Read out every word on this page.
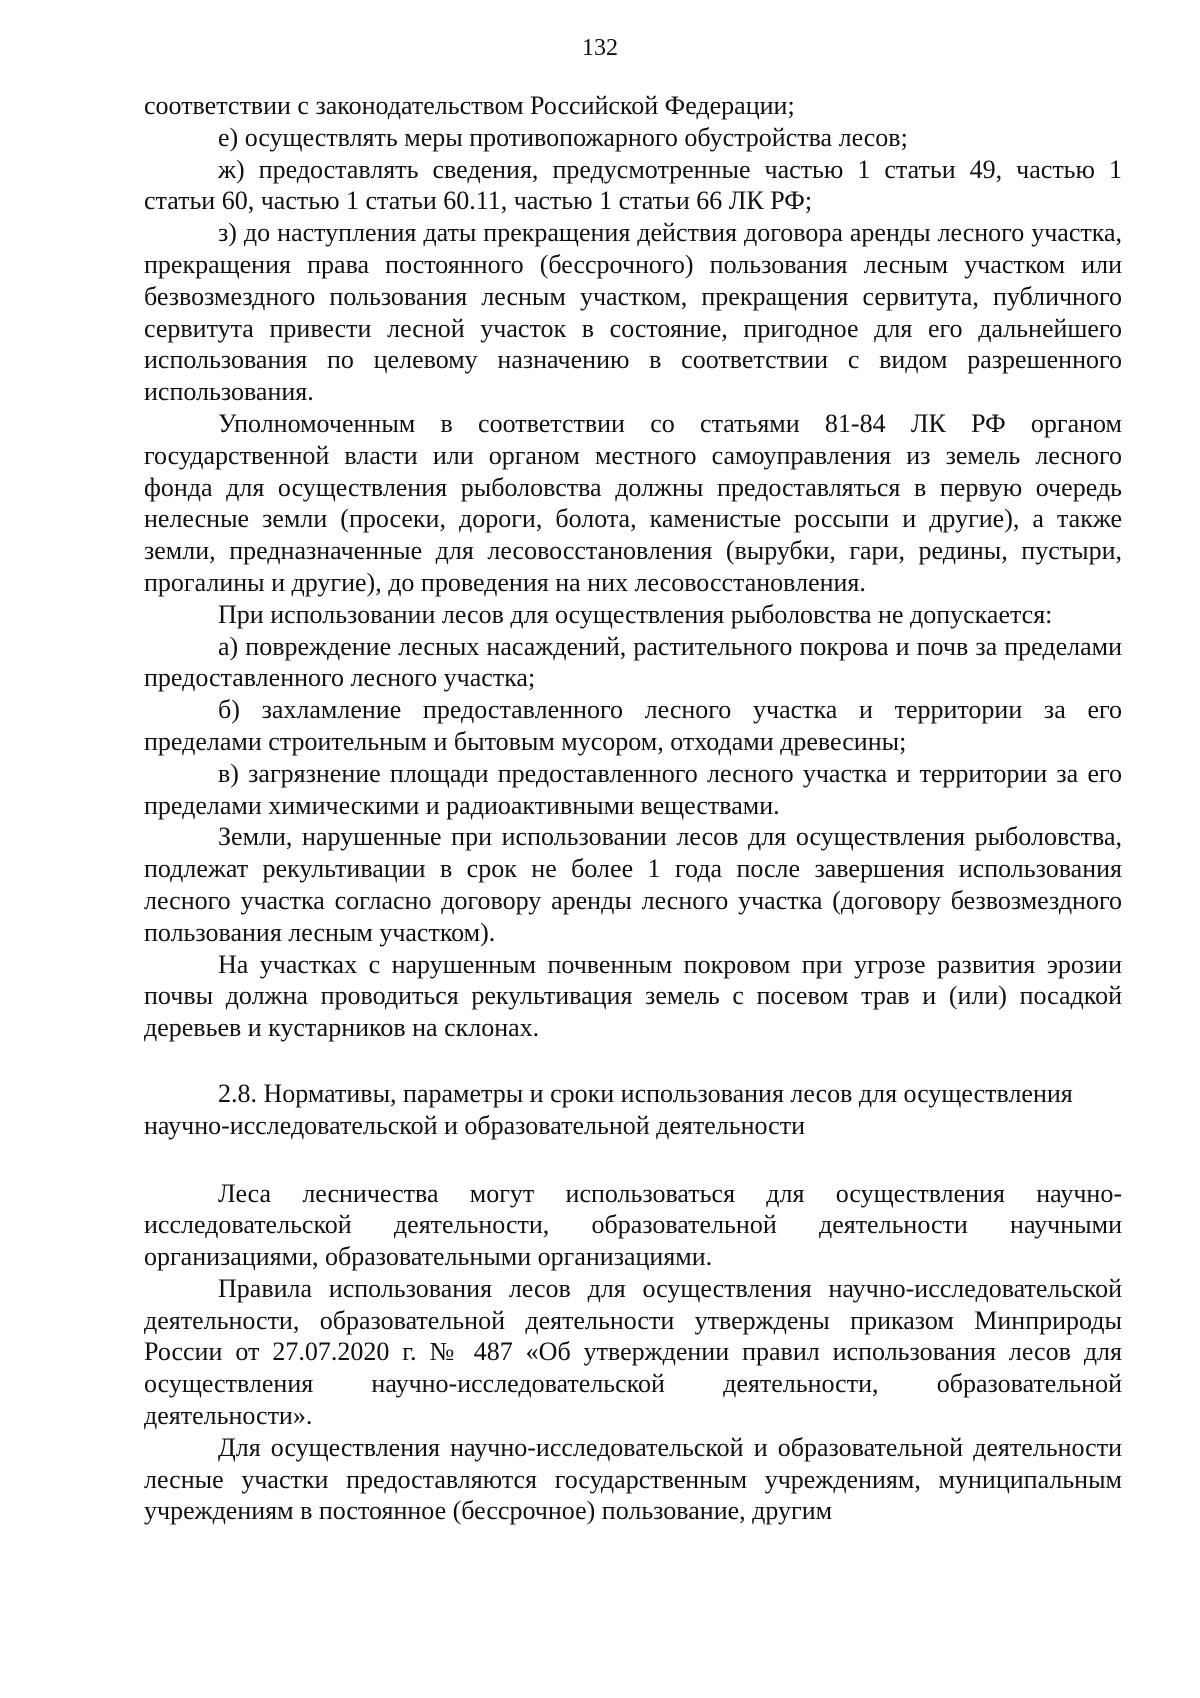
132

соответствии с законодательством Российской Федерации;

е) осуществлять меры противопожарного обустройства лесов;

ж) предоставлять сведения, предусмотренные частью 1 статьи 49, частью 1 статьи 60, частью 1 статьи 60.11, частью 1 статьи 66 ЛК РФ;

з) до наступления даты прекращения действия договора аренды лесного участка, прекращения права постоянного (бессрочного) пользования лесным участком или безвозмездного пользования лесным участком, прекращения сервитута, публичного сервитута привести лесной участок в состояние, пригодное для его дальнейшего использования по целевому назначению в соответствии с видом разрешенного использования.

Уполномоченным в соответствии со статьями 81-84 ЛК РФ органом государственной власти или органом местного самоуправления из земель лесного фонда для осуществления рыболовства должны предоставляться в первую очередь нелесные земли (просеки, дороги, болота, каменистые россыпи и другие), а также земли, предназначенные для лесовосстановления (вырубки, гари, редины, пустыри, прогалины и другие), до проведения на них лесовосстановления.

При использовании лесов для осуществления рыболовства не допускается:

а) повреждение лесных насаждений, растительного покрова и почв за пределами предоставленного лесного участка;

б) захламление предоставленного лесного участка и территории за его пределами строительным и бытовым мусором, отходами древесины;

в) загрязнение площади предоставленного лесного участка и территории за его пределами химическими и радиоактивными веществами.

Земли, нарушенные при использовании лесов для осуществления рыболовства, подлежат рекультивации в срок не более 1 года после завершения использования лесного участка согласно договору аренды лесного участка (договору безвозмездного пользования лесным участком).

На участках с нарушенным почвенным покровом при угрозе развития эрозии почвы должна проводиться рекультивация земель с посевом трав и (или) посадкой деревьев и кустарников на склонах.

2.8. Нормативы, параметры и сроки использования лесов для осуществления научно-исследовательской и образовательной деятельности

Леса лесничества могут использоваться для осуществления научно-исследовательской деятельности, образовательной деятельности научными организациями, образовательными организациями.

Правила использования лесов для осуществления научно-исследовательской деятельности, образовательной деятельности утверждены приказом Минприроды России от 27.07.2020 г. № 487 «Об утверждении правил использования лесов для осуществления научно-исследовательской деятельности, образовательной деятельности».

Для осуществления научно-исследовательской и образовательной деятельности лесные участки предоставляются государственным учреждениям, муниципальным учреждениям в постоянное (бессрочное) пользование, другим
